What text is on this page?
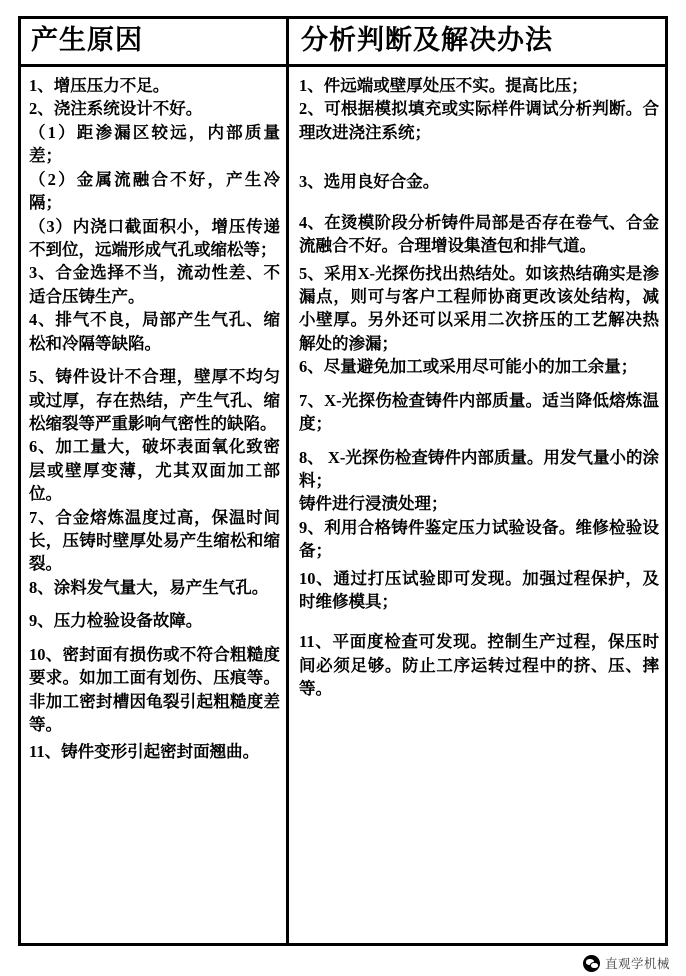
产生原因	分析判断及解决办法

1、增压压力不足。

2、浇注系统设计不好。

（1）距渗漏区较远，内部质量差；

（2）金属流融合不好，产生冷隔；

（3）内浇口截面积小，增压传递不到位，远端形成气孔或缩松等；

3、合金选择不当，流动性差、不适合压铸生产。

4、排气不良，局部产生气孔、缩松和冷隔等缺陷。

5、铸件设计不合理，壁厚不均匀或过厚，存在热结，产生气孔、缩松缩裂等严重影响气密性的缺陷。

6、加工量大，破坏表面氧化致密层或壁厚变薄，尤其双面加工部位。

7、合金熔炼温度过高，保温时间长，压铸时壁厚处易产生缩松和缩裂。

8、涂料发气量大，易产生气孔。

9、压力检验设备故障。

10、密封面有损伤或不符合粗糙度要求。如加工面有划伤、压痕等。非加工密封槽因龟裂引起粗糙度差等。

11、铸件变形引起密封面翘曲。

1、件远端或壁厚处压不实。提高比压；

2、可根据模拟填充或实际样件调试分析判断。合理改进浇注系统；

3、选用良好合金。

4、在烫模阶段分析铸件局部是否存在卷气、合金流融合不好。合理增设集渣包和排气道。

5、采用X-光探伤找出热结处。如该热结确实是渗漏点，则可与客户工程师协商更改该处结构，减小壁厚。另外还可以采用二次挤压的工艺解决热解处的渗漏；

6、尽量避免加工或采用尽可能小的加工余量；

7、X-光探伤检查铸件内部质量。适当降低熔炼温度；

8、 X-光探伤检查铸件内部质量。用发气量小的涂料；

铸件进行浸渍处理；

9、利用合格铸件鉴定压力试验设备。维修检验设备；

10、通过打压试验即可发现。加强过程保护，及时维修模具；

11、平面度检查可发现。控制生产过程，保压时间必须足够。防止工序运转过程中的挤、压、摔等。

直观学机械
